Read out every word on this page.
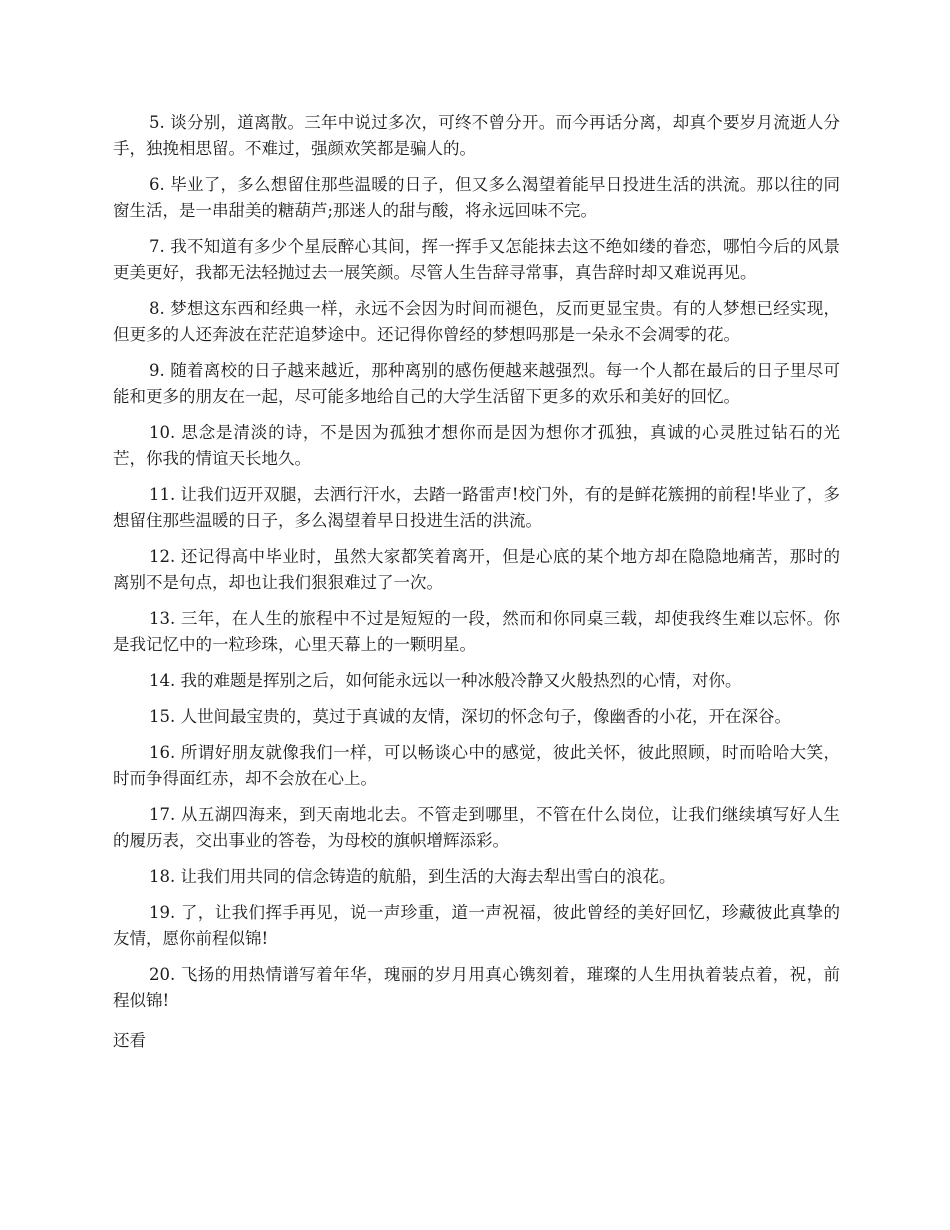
5. 谈分别，道离散。三年中说过多次，可终不曾分开。而今再话分离，却真个要岁月流逝人分手，独挽相思留。不难过，强颜欢笑都是骗人的。

6. 毕业了，多么想留住那些温暖的日子，但又多么渴望着能早日投进生活的洪流。那以往的同窗生活，是一串甜美的糖葫芦;那迷人的甜与酸，将永远回味不完。

7. 我不知道有多少个星辰醉心其间，挥一挥手又怎能抹去这不绝如缕的眷恋，哪怕今后的风景更美更好，我都无法轻抛过去一展笑颜。尽管人生告辞寻常事，真告辞时却又难说再见。

8. 梦想这东西和经典一样，永远不会因为时间而褪色，反而更显宝贵。有的人梦想已经实现，但更多的人还奔波在茫茫追梦途中。还记得你曾经的梦想吗那是一朵永不会凋零的花。

9. 随着离校的日子越来越近，那种离别的感伤便越来越强烈。每一个人都在最后的日子里尽可能和更多的朋友在一起，尽可能多地给自己的大学生活留下更多的欢乐和美好的回忆。

10. 思念是清淡的诗，不是因为孤独才想你而是因为想你才孤独，真诚的心灵胜过钻石的光芒，你我的情谊天长地久。

11. 让我们迈开双腿，去洒行汗水，去踏一路雷声!校门外，有的是鲜花簇拥的前程!毕业了，多想留住那些温暖的日子，多么渴望着早日投进生活的洪流。

12. 还记得高中毕业时，虽然大家都笑着离开，但是心底的某个地方却在隐隐地痛苦，那时的离别不是句点，却也让我们狠狠难过了一次。

13. 三年，在人生的旅程中不过是短短的一段，然而和你同桌三载，却使我终生难以忘怀。你是我记忆中的一粒珍珠，心里天幕上的一颗明星。

14. 我的难题是挥别之后，如何能永远以一种冰般冷静又火般热烈的心情，对你。

15. 人世间最宝贵的，莫过于真诚的友情，深切的怀念句子，像幽香的小花，开在深谷。

16. 所谓好朋友就像我们一样，可以畅谈心中的感觉，彼此关怀，彼此照顾，时而哈哈大笑，时而争得面红赤，却不会放在心上。

17. 从五湖四海来，到天南地北去。不管走到哪里，不管在什么岗位，让我们继续填写好人生的履历表，交出事业的答卷，为母校的旗帜增辉添彩。

18. 让我们用共同的信念铸造的航船，到生活的大海去犁出雪白的浪花。

19. 了，让我们挥手再见，说一声珍重，道一声祝福，彼此曾经的美好回忆，珍藏彼此真挚的友情，愿你前程似锦!

20. 飞扬的用热情谱写着年华，瑰丽的岁月用真心镌刻着，璀璨的人生用执着装点着，祝，前程似锦!

还看
